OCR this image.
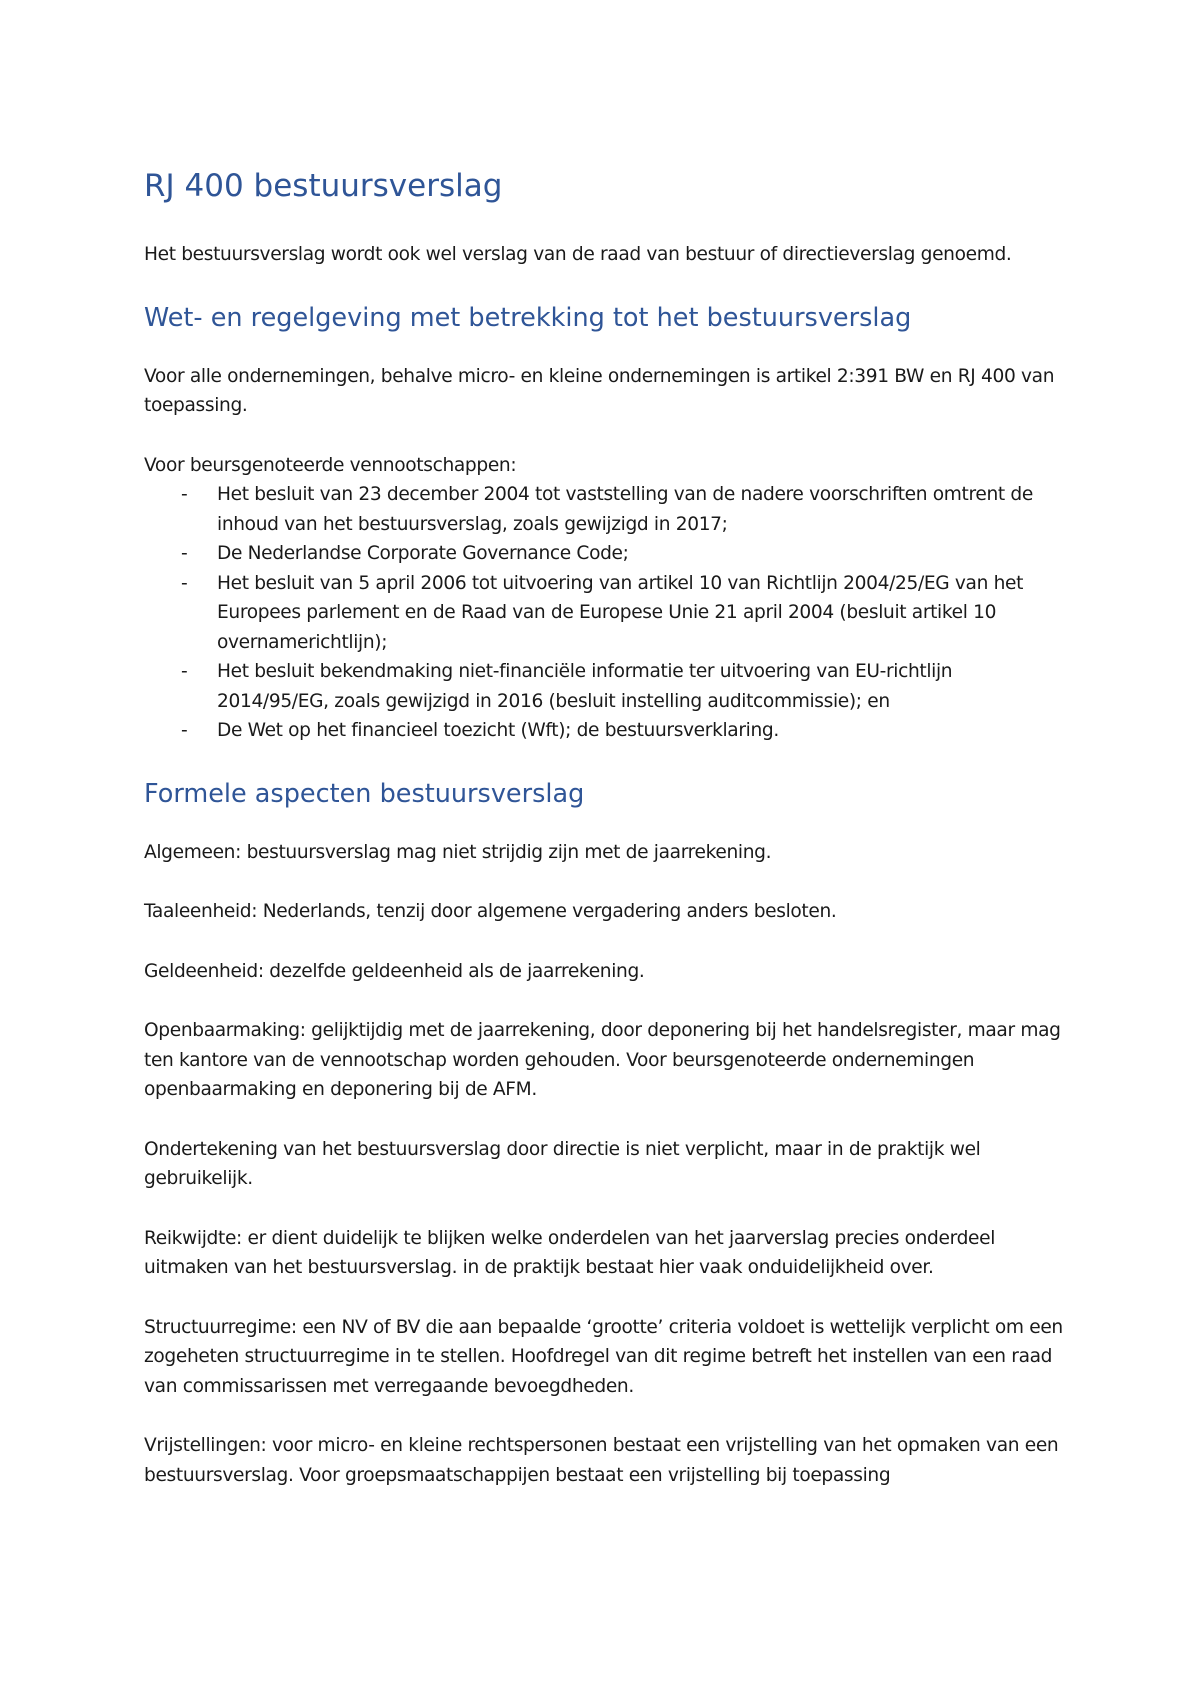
RJ 400 bestuursverslag

Het bestuursverslag wordt ook wel verslag van de raad van bestuur of directieverslag genoemd.

Wet- en regelgeving met betrekking tot het bestuursverslag

Voor alle ondernemingen, behalve micro- en kleine ondernemingen is artikel 2:391 BW en RJ 400 van toepassing.

Voor beursgenoteerde vennootschappen:

- Het besluit van 23 december 2004 tot vaststelling van de nadere voorschriften omtrent de inhoud van het bestuursverslag, zoals gewijzigd in 2017;
- De Nederlandse Corporate Governance Code;
- Het besluit van 5 april 2006 tot uitvoering van artikel 10 van Richtlijn 2004/25/EG van het Europees parlement en de Raad van de Europese Unie 21 april 2004 (besluit artikel 10 overnamerichtlijn);
- Het besluit bekendmaking niet-financiële informatie ter uitvoering van EU-richtlijn 2014/95/EG, zoals gewijzigd in 2016 (besluit instelling auditcommissie); en
- De Wet op het financieel toezicht (Wft); de bestuursverklaring.
Formele aspecten bestuursverslag

Algemeen: bestuursverslag mag niet strijdig zijn met de jaarrekening.

Taaleenheid: Nederlands, tenzij door algemene vergadering anders besloten.

Geldeenheid: dezelfde geldeenheid als de jaarrekening.

Openbaarmaking: gelijktijdig met de jaarrekening, door deponering bij het handelsregister, maar mag ten kantore van de vennootschap worden gehouden. Voor beursgenoteerde ondernemingen openbaarmaking en deponering bij de AFM.

Ondertekening van het bestuursverslag door directie is niet verplicht, maar in de praktijk wel gebruikelijk.

Reikwijdte: er dient duidelijk te blijken welke onderdelen van het jaarverslag precies onderdeel uitmaken van het bestuursverslag. in de praktijk bestaat hier vaak onduidelijkheid over.

Structuurregime: een NV of BV die aan bepaalde ‘grootte’ criteria voldoet is wettelijk verplicht om een zogeheten structuurregime in te stellen. Hoofdregel van dit regime betreft het instellen van een raad van commissarissen met verregaande bevoegdheden.

Vrijstellingen: voor micro- en kleine rechtspersonen bestaat een vrijstelling van het opmaken van een bestuursverslag. Voor groepsmaatschappijen bestaat een vrijstelling bij toepassing
